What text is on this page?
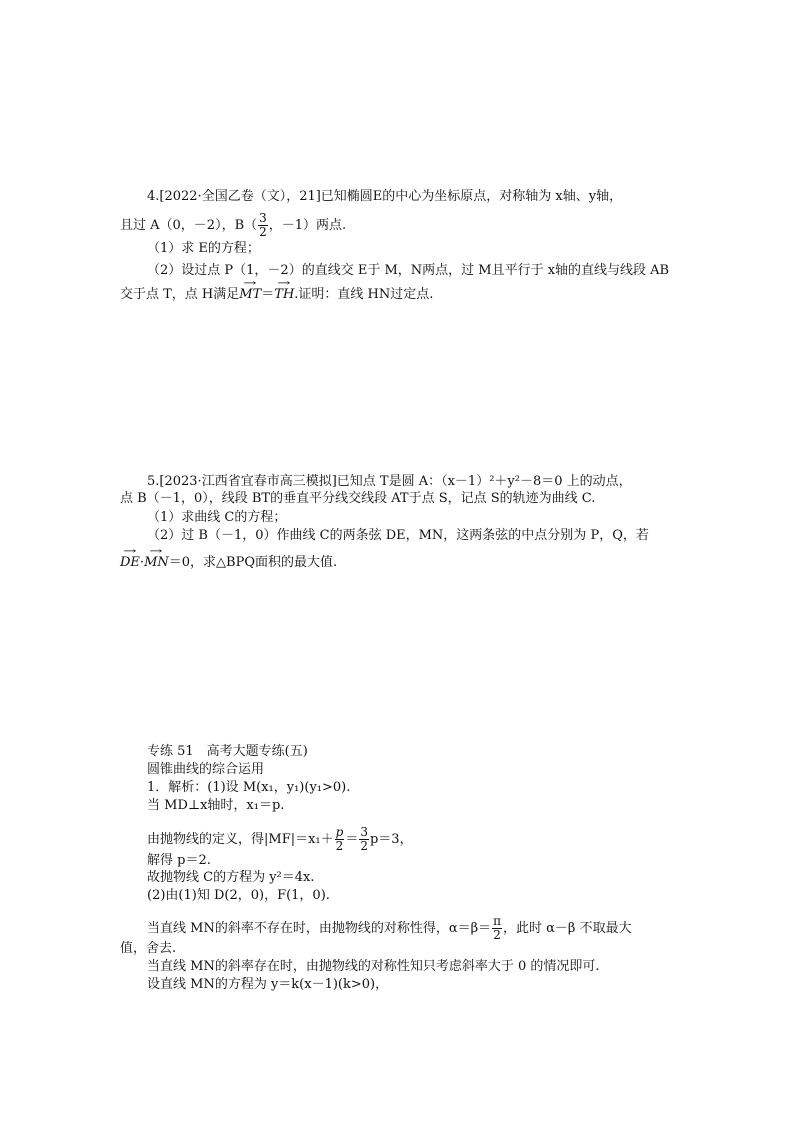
4.[2022·全国乙卷（文），21]已知椭圆E的中心为坐标原点，对称轴为 x轴、y轴，
且过 A（0，－2），$B( \frac{3}{2}$ ，－1）两点.
（1）求 E的方程；
（2）设过点 P（1，－2）的直线交 E于 M，N两点，过 M且平行于 x轴的直线与线段 AB
交于点 T，点 H满足→ MT＝→ TH.证明：直线 HN过定点.
5.[2023·江西省宜春市高三模拟]已知点 T是圆 A：（x－1）²＋y²－8＝0 上的动点，
点 B（－1，0），线段 BT的垂直平分线交线段 AT于点 S，记点 S的轨迹为曲线 C.
（1）求曲线 C的方程；
（2）过 B（－1，0）作曲线 C的两条弦 DE，MN，这两条弦的中点分别为 P，Q，若
→ DE·→ MN＝0，求△BPQ面积的最大值.
专练 51　高考大题专练(五)
圆锥曲线的综合运用
1．解析：(1)设 M(x₁，y₁)(y₁>0).
当 MD⊥x轴时，x₁＝p.
由抛物线的定义，得$|MF|=x_1+ \frac{p}{2} = \frac{3}{2} p=3$，
解得 p＝2.
故抛物线 C的方程为 y²＝4x.
(2)由(1)知 D(2，0)，F(1，0).
当直线 MN的斜率不存在时，由抛物线的对称性得，$\alpha=\beta= \frac{\pi}{2}$ ，此时 α－β 不取最大
值，舍去.
当直线 MN的斜率存在时，由抛物线的对称性知只考虑斜率大于 0 的情况即可.
设直线 MN的方程为 y＝k(x－1)(k>0)，
